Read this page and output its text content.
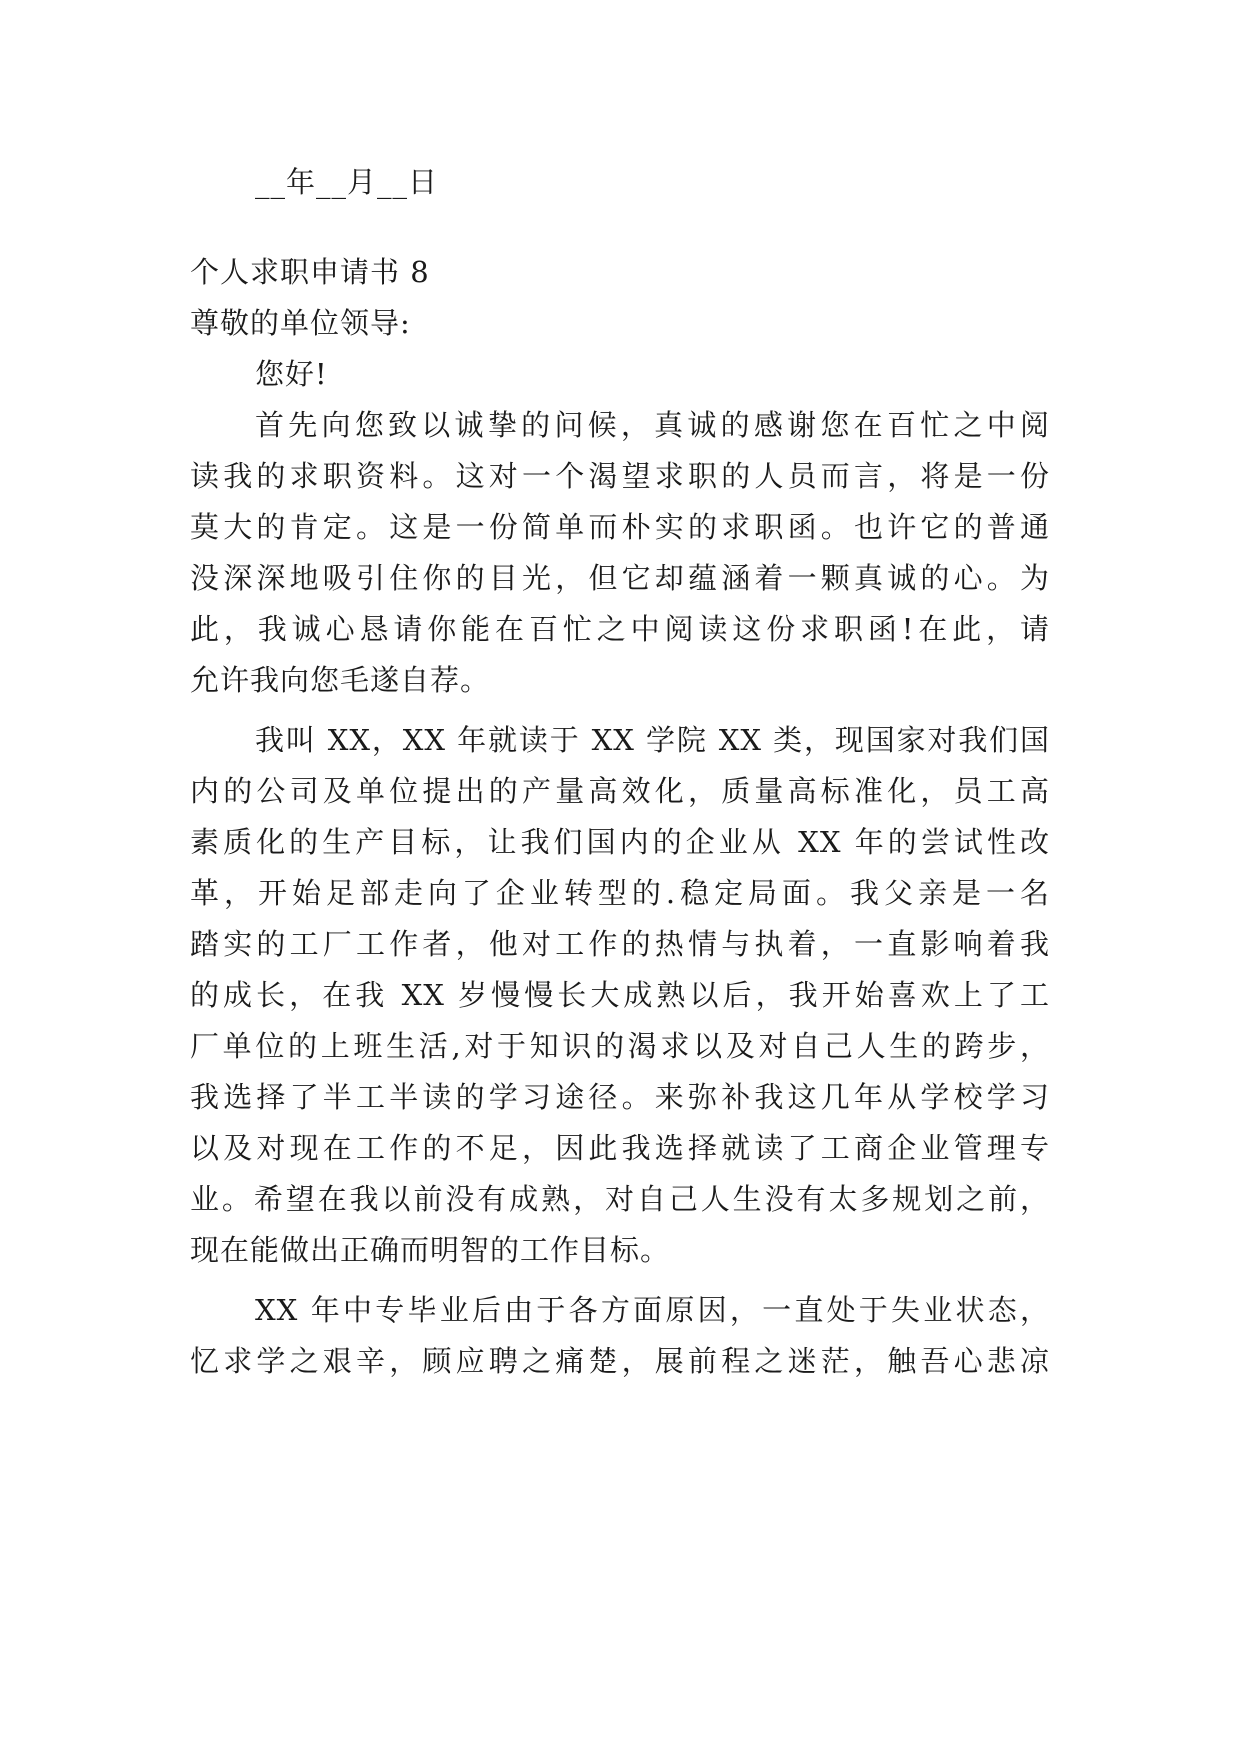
__年__月__日
个人求职申请书 8
尊敬的单位领导:
您好!
首先向您致以诚挚的问候，真诚的感谢您在百忙之中阅
读我的求职资料。这对一个渴望求职的人员而言，将是一份
莫大的肯定。这是一份简单而朴实的求职函。也许它的普通
没深深地吸引住你的目光，但它却蕴涵着一颗真诚的心。为
此，我诚心恳请你能在百忙之中阅读这份求职函!在此，请
允许我向您毛遂自荐。
我叫 XX，XX 年就读于 XX 学院 XX 类，现国家对我们国
内的公司及单位提出的产量高效化，质量高标准化，员工高
素质化的生产目标，让我们国内的企业从 XX 年的尝试性改
革，开始足部走向了企业转型的.稳定局面。我父亲是一名
踏实的工厂工作者，他对工作的热情与执着，一直影响着我
的成长，在我 XX 岁慢慢长大成熟以后，我开始喜欢上了工
厂单位的上班生活,对于知识的渴求以及对自己人生的跨步，
我选择了半工半读的学习途径。来弥补我这几年从学校学习
以及对现在工作的不足，因此我选择就读了工商企业管理专
业。希望在我以前没有成熟，对自己人生没有太多规划之前，
现在能做出正确而明智的工作目标。
XX 年中专毕业后由于各方面原因，一直处于失业状态，
忆求学之艰辛，顾应聘之痛楚，展前程之迷茫，触吾心悲凉
